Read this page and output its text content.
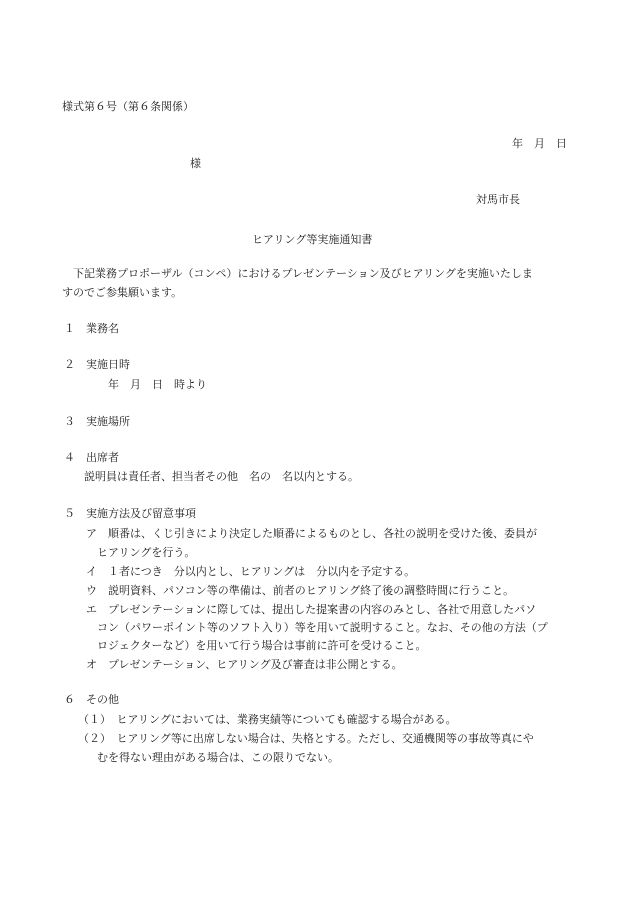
様式第６号（第６条関係）
年　月　日
様
対馬市長
ヒアリング等実施通知書
　下記業務プロポーザル（コンペ）におけるプレゼンテーション及びヒアリングを実施いたしま
すのでご参集願います。
１　業務名
２　実施日時
年　月　日　時より
３　実施場所
４　出席者
説明員は責任者、担当者その他　名の　名以内とする。
５　実施方法及び留意事項
ア　順番は、くじ引きにより決定した順番によるものとし、各社の説明を受けた後、委員が
ヒアリングを行う。
イ　１者につき　分以内とし、ヒアリングは　分以内を予定する。
ウ　説明資料、パソコン等の準備は、前者のヒアリング終了後の調整時間に行うこと。
エ　プレゼンテーションに際しては、提出した提案書の内容のみとし、各社で用意したパソ
コン（パワーポイント等のソフト入り）等を用いて説明すること。なお、その他の方法（プ
ロジェクターなど）を用いて行う場合は事前に許可を受けること。
オ　プレゼンテーション、ヒアリング及び審査は非公開とする。
６　その他
（１）　ヒアリングにおいては、業務実績等についても確認する場合がある。
（２）　ヒアリング等に出席しない場合は、失格とする。ただし、交通機関等の事故等真にや
むを得ない理由がある場合は、この限りでない。
